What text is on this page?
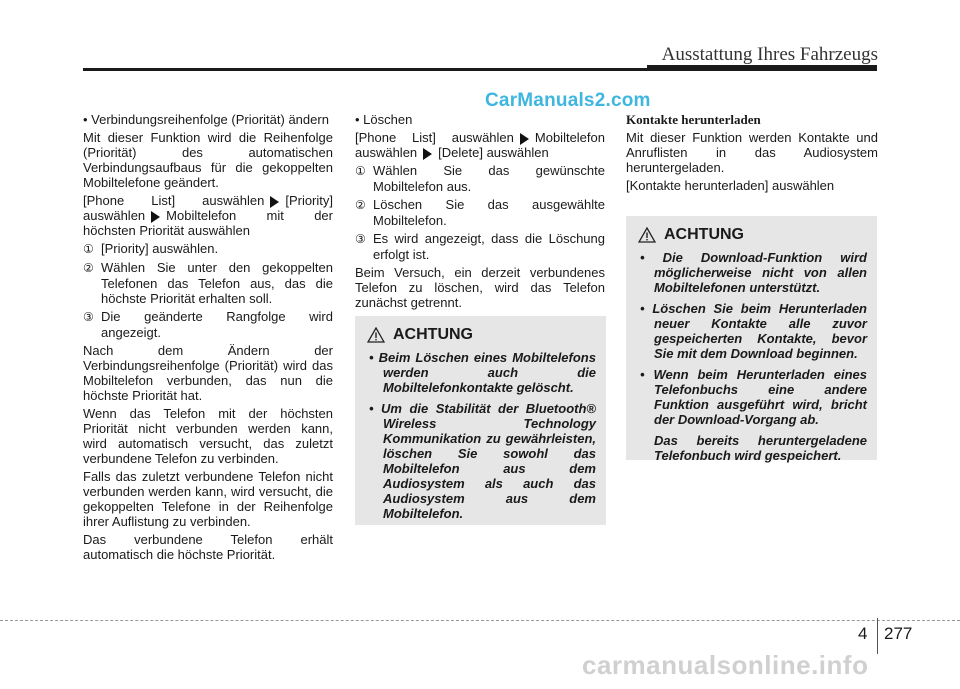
Ausstattung Ihres Fahrzeugs
CarManuals2.com

• Verbindungsreihenfolge (Priorität) ändern

Mit dieser Funktion wird die Reihenfolge (Priorität) des automatischen Verbindungsaufbaus für die gekoppelten Mobiltelefone geändert.

[Phone List] auswählen [Priority] auswählen Mobiltelefon mit der höchsten Priorität auswählen

① [Priority] auswählen.

② Wählen Sie unter den gekoppelten Telefonen das Telefon aus, das die höchste Priorität erhalten soll.

③ Die geänderte Rangfolge wird angezeigt.

Nach dem Ändern der Verbindungsreihenfolge (Priorität) wird das Mobiltelefon verbunden, das nun die höchste Priorität hat.

Wenn das Telefon mit der höchsten Priorität nicht verbunden werden kann, wird automatisch versucht, das zuletzt verbundene Telefon zu verbinden.

Falls das zuletzt verbundene Telefon nicht verbunden werden kann, wird versucht, die gekoppelten Telefone in der Reihenfolge ihrer Auflistung zu verbinden.

Das verbundene Telefon erhält automatisch die höchste Priorität.

• Löschen

[Phone List] auswählen Mobiltelefon auswählen [Delete] auswählen

① Wählen Sie das gewünschte Mobiltelefon aus.

② Löschen Sie das ausgewählte Mobiltelefon.

③ Es wird angezeigt, dass die Löschung erfolgt ist.

Beim Versuch, ein derzeit verbundenes Telefon zu löschen, wird das Telefon zunächst getrennt.

ACHTUNG

• Beim Löschen eines Mobiltelefons werden auch die Mobiltelefonkontakte gelöscht.

• Um die Stabilität der Bluetooth® Wireless Technology Kommunikation zu gewährleisten, löschen Sie sowohl das Mobiltelefon aus dem Audiosystem als auch das Audiosystem aus dem Mobiltelefon.

Kontakte herunterladen

Mit dieser Funktion werden Kontakte und Anruflisten in das Audiosystem heruntergeladen.

[Kontakte herunterladen] auswählen

ACHTUNG

• Die Download-Funktion wird möglicherweise nicht von allen Mobiltelefonen unterstützt.

• Löschen Sie beim Herunterladen neuer Kontakte alle zuvor gespeicherten Kontakte, bevor Sie mit dem Download beginnen.

• Wenn beim Herunterladen eines Telefonbuchs eine andere Funktion ausgeführt wird, bricht der Download-Vorgang ab.

Das bereits heruntergeladene Telefonbuch wird gespeichert.

4 277
carmanualsonline.info
